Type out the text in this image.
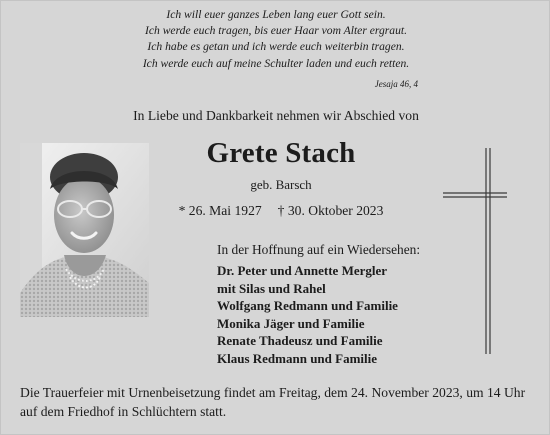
Ich will euer ganzes Leben lang euer Gott sein.
Ich werde euch tragen, bis euer Haar vom Alter ergraut.
Ich habe es getan und ich werde euch weiterbin tragen.
Ich werde euch auf meine Schulter laden und euch retten.
Jesaja 46, 4
In Liebe und Dankbarkeit nehmen wir Abschied von
Grete Stach
geb. Barsch
* 26. Mai 1927 † 30. Oktober 2023
In der Hoffnung auf ein Wiedersehen:
Dr. Peter und Annette Mergler
mit Silas und Rahel
Wolfgang Redmann und Familie
Monika Jäger und Familie
Renate Thadeusz und Familie
Klaus Redmann und Familie
Die Trauerfeier mit Urnenbeisetzung findet am Freitag, dem 24. November 2023, um 14 Uhr
auf dem Friedhof in Schlüchtern statt.
